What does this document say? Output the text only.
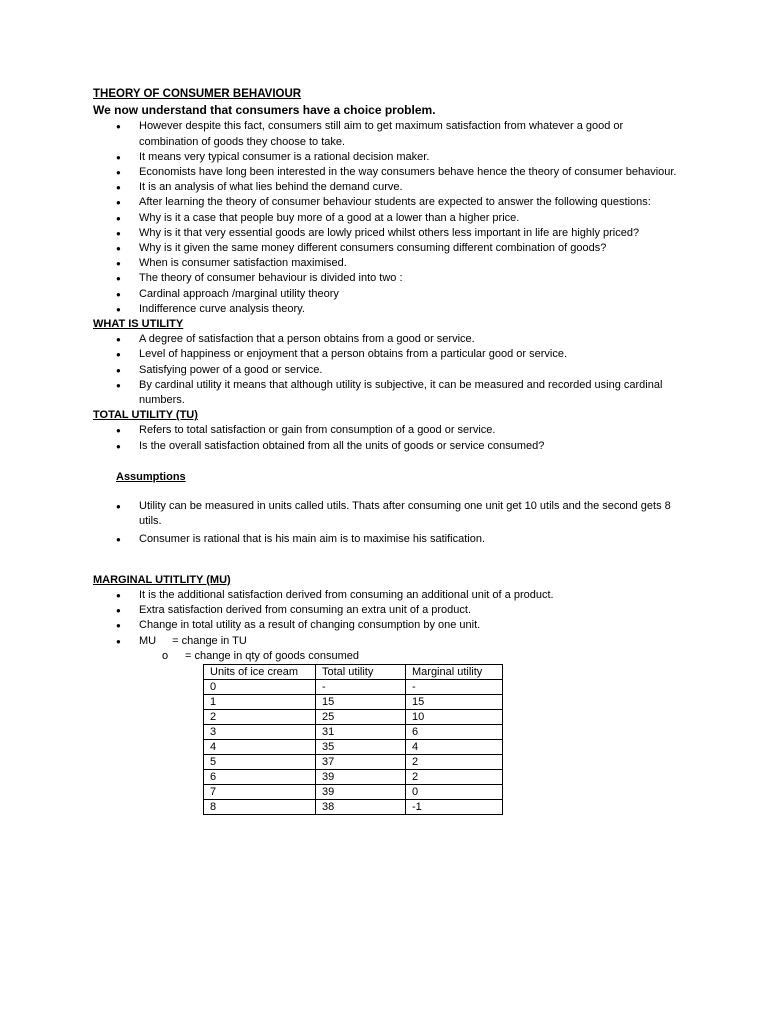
THEORY OF CONSUMER BEHAVIOUR

We now understand that consumers have a choice problem.

● However despite this fact, consumers still aim to get maximum satisfaction from whatever a good or combination of goods they choose to take.
● It means very typical consumer is a rational decision maker.
● Economists have long been interested in the way consumers behave hence the theory of consumer behaviour.
● It is an analysis of what lies behind the demand curve.
● After learning the theory of consumer behaviour students are expected to answer the following questions:
● Why is it a case that people buy more of a good at a lower than a higher price.
● Why is it that very essential goods are lowly priced whilst others less important in life are highly priced?
● Why is it given the same money different consumers consuming different combination of goods?
● When is consumer satisfaction maximised.
● The theory of consumer behaviour is divided into two :
● Cardinal approach /marginal utility theory
● Indifference curve analysis theory.

WHAT IS UTILITY

● A degree of satisfaction that a person obtains from a good or service.
● Level of happiness or enjoyment that a person obtains from a particular good or service.
● Satisfying power of a good or service.
● By cardinal utility it means that although utility is subjective, it can be measured and recorded using cardinal numbers.

TOTAL UTILITY (TU)

● Refers to total satisfaction or gain from consumption of a good or service.
● Is the overall satisfaction obtained from all the units of goods or service consumed?

Assumptions

● Utility can be measured in units called utils. Thats after consuming one unit get 10 utils and the second gets 8 utils.
● Consumer is rational that is his main aim is to maximise his satification.

MARGINAL UTITLITY (MU)

● It is the additional satisfaction derived from consuming an additional unit of a product.
● Extra satisfaction derived from consuming an extra unit of a product.
● Change in total utility as a result of changing consumption by one unit.
● MU = change in TU
o = change in qty of goods consumed
Units of ice cream	Total utility	Marginal utility
0	-	-
1	15	15
2	25	10
3	31	6
4	35	4
5	37	2
6	39	2
7	39	0
8	38	-1
